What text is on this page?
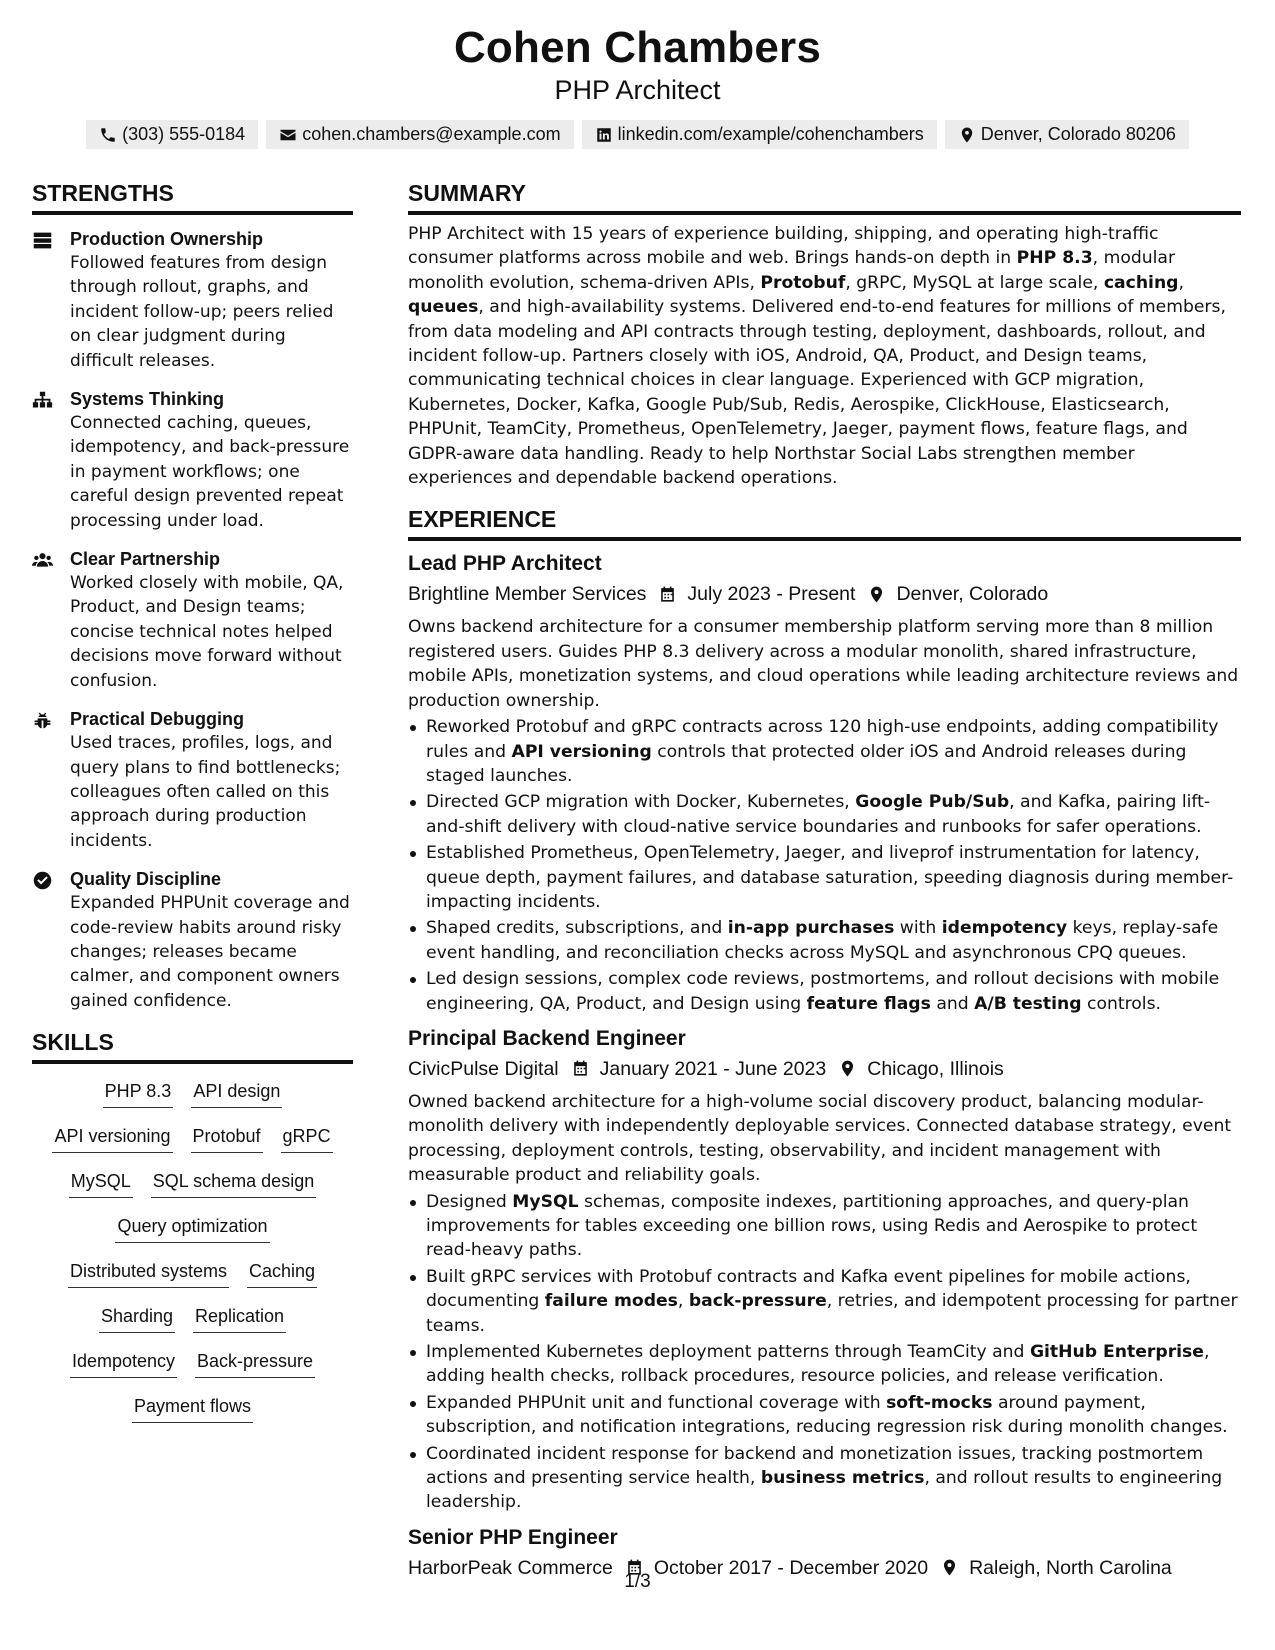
Cohen Chambers
PHP Architect
(303) 555-0184	cohen.chambers@example.com	linkedin.com/example/cohenchambers	Denver, Colorado 80206
STRENGTHS
Production Ownership
Followed features from design through rollout, graphs, and incident follow-up; peers relied on clear judgment during difficult releases.
Systems Thinking
Connected caching, queues, idempotency, and back-pressure in payment workflows; one careful design prevented repeat processing under load.
Clear Partnership
Worked closely with mobile, QA, Product, and Design teams; concise technical notes helped decisions move forward without confusion.
Practical Debugging
Used traces, profiles, logs, and query plans to find bottlenecks; colleagues often called on this approach during production incidents.
Quality Discipline
Expanded PHPUnit coverage and code-review habits around risky changes; releases became calmer, and component owners gained confidence.
SKILLS
PHP 8.3 API design
API versioning Protobuf gRPC
MySQL SQL schema design
Query optimization
Distributed systems Caching
Sharding Replication
Idempotency Back-pressure
Payment flows
SUMMARY
PHP Architect with 15 years of experience building, shipping, and operating high-traffic consumer platforms across mobile and web. Brings hands-on depth in PHP 8.3, modular monolith evolution, schema-driven APIs, Protobuf, gRPC, MySQL at large scale, caching, queues, and high-availability systems. Delivered end-to-end features for millions of members, from data modeling and API contracts through testing, deployment, dashboards, rollout, and incident follow-up. Partners closely with iOS, Android, QA, Product, and Design teams, communicating technical choices in clear language. Experienced with GCP migration, Kubernetes, Docker, Kafka, Google Pub/Sub, Redis, Aerospike, ClickHouse, Elasticsearch, PHPUnit, TeamCity, Prometheus, OpenTelemetry, Jaeger, payment flows, feature flags, and GDPR-aware data handling. Ready to help Northstar Social Labs strengthen member experiences and dependable backend operations.
EXPERIENCE
Lead PHP Architect
Brightline Member Services July 2023 - Present Denver, Colorado
Owns backend architecture for a consumer membership platform serving more than 8 million registered users. Guides PHP 8.3 delivery across a modular monolith, shared infrastructure, mobile APIs, monetization systems, and cloud operations while leading architecture reviews and production ownership.
Reworked Protobuf and gRPC contracts across 120 high-use endpoints, adding compatibility rules and API versioning controls that protected older iOS and Android releases during staged launches.
Directed GCP migration with Docker, Kubernetes, Google Pub/Sub, and Kafka, pairing lift-and-shift delivery with cloud-native service boundaries and runbooks for safer operations.
Established Prometheus, OpenTelemetry, Jaeger, and liveprof instrumentation for latency, queue depth, payment failures, and database saturation, speeding diagnosis during member-impacting incidents.
Shaped credits, subscriptions, and in-app purchases with idempotency keys, replay-safe event handling, and reconciliation checks across MySQL and asynchronous CPQ queues.
Led design sessions, complex code reviews, postmortems, and rollout decisions with mobile engineering, QA, Product, and Design using feature flags and A/B testing controls.
Principal Backend Engineer
CivicPulse Digital January 2021 - June 2023 Chicago, Illinois
Owned backend architecture for a high-volume social discovery product, balancing modular-monolith delivery with independently deployable services. Connected database strategy, event processing, deployment controls, testing, observability, and incident management with measurable product and reliability goals.
Designed MySQL schemas, composite indexes, partitioning approaches, and query-plan improvements for tables exceeding one billion rows, using Redis and Aerospike to protect read-heavy paths.
Built gRPC services with Protobuf contracts and Kafka event pipelines for mobile actions, documenting failure modes, back-pressure, retries, and idempotent processing for partner teams.
Implemented Kubernetes deployment patterns through TeamCity and GitHub Enterprise, adding health checks, rollback procedures, resource policies, and release verification.
Expanded PHPUnit unit and functional coverage with soft-mocks around payment, subscription, and notification integrations, reducing regression risk during monolith changes.
Coordinated incident response for backend and monetization issues, tracking postmortem actions and presenting service health, business metrics, and rollout results to engineering leadership.
Senior PHP Engineer
HarborPeak Commerce October 2017 - December 2020 Raleigh, North Carolina
1/3
